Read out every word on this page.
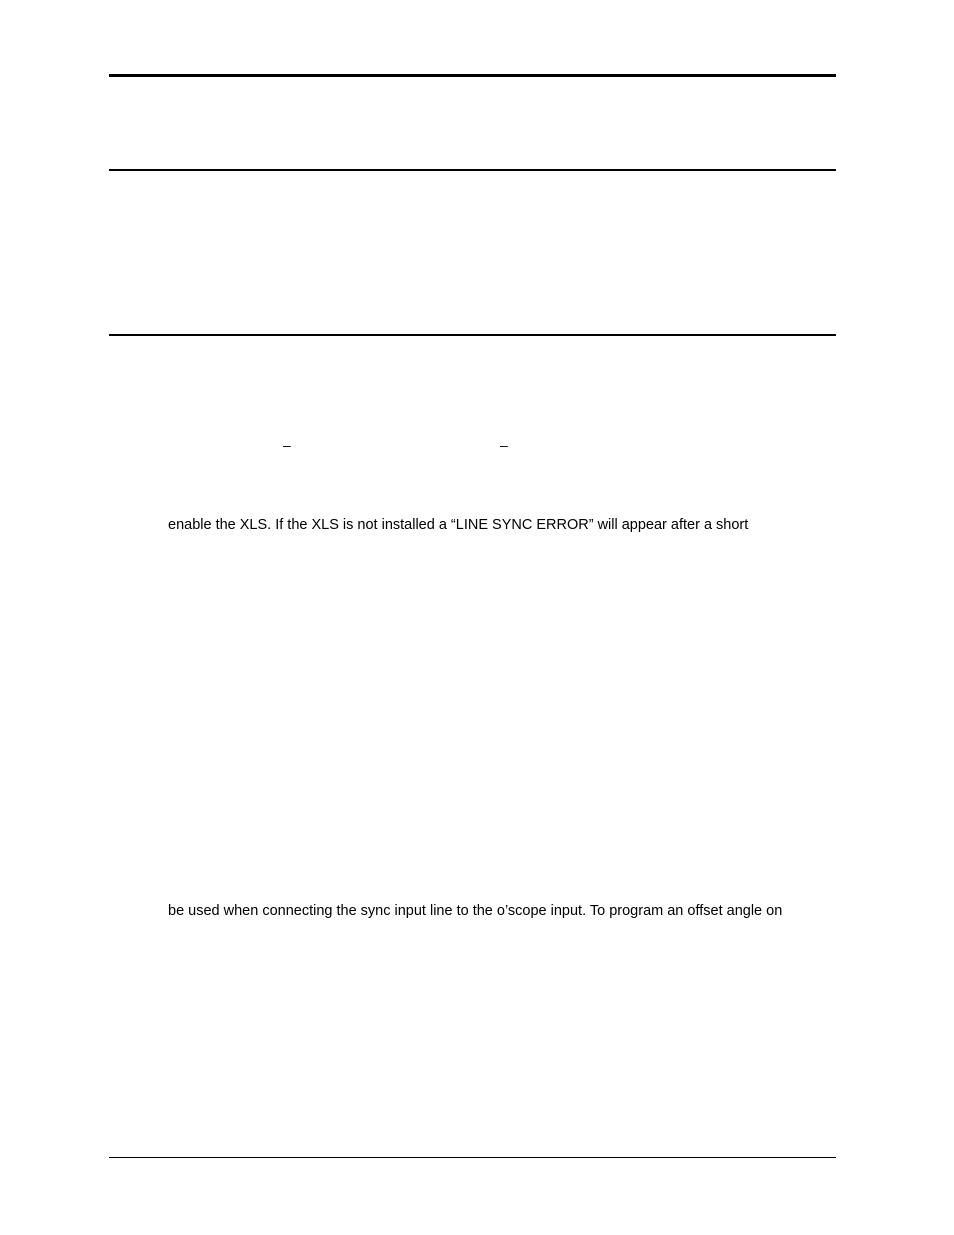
–	–
enable the XLS. If the XLS is not installed a “LINE SYNC ERROR” will appear after a short
be used when connecting the sync input line to the o’scope input. To program an offset angle on
